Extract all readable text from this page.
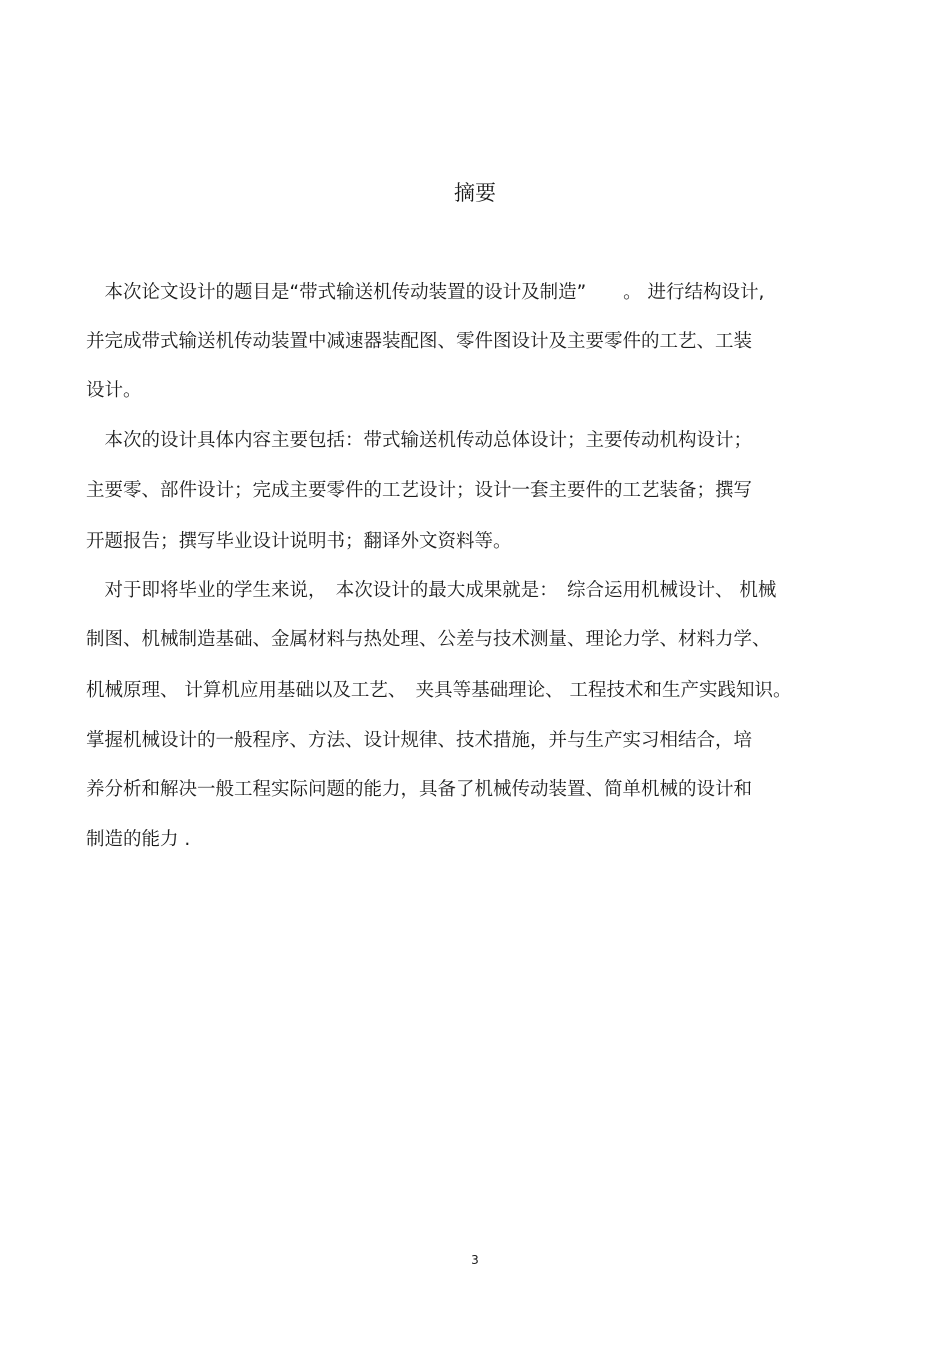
摘要

　本次论文设计的题目是“带式输送机传动装置的设计及制造”　　。 进行结构设计,

并完成带式输送机传动装置中减速器装配图、零件图设计及主要零件的工艺、工装

设计。

　本次的设计具体内容主要包括：带式输送机传动总体设计；主要传动机构设计；

主要零、部件设计；完成主要零件的工艺设计；设计一套主要件的工艺装备；撰写

开题报告；撰写毕业设计说明书；翻译外文资料等。

　对于即将毕业的学生来说，　本次设计的最大成果就是：　综合运用机械设计、 机械

制图、机械制造基础、金属材料与热处理、公差与技术测量、理论力学、材料力学、

机械原理、 计算机应用基础以及工艺、　夹具等基础理论、 工程技术和生产实践知识。

掌握机械设计的一般程序、方法、设计规律、技术措施，并与生产实习相结合，培

养分析和解决一般工程实际问题的能力，具备了机械传动装置、简单机械的设计和

制造的能力 .

3
